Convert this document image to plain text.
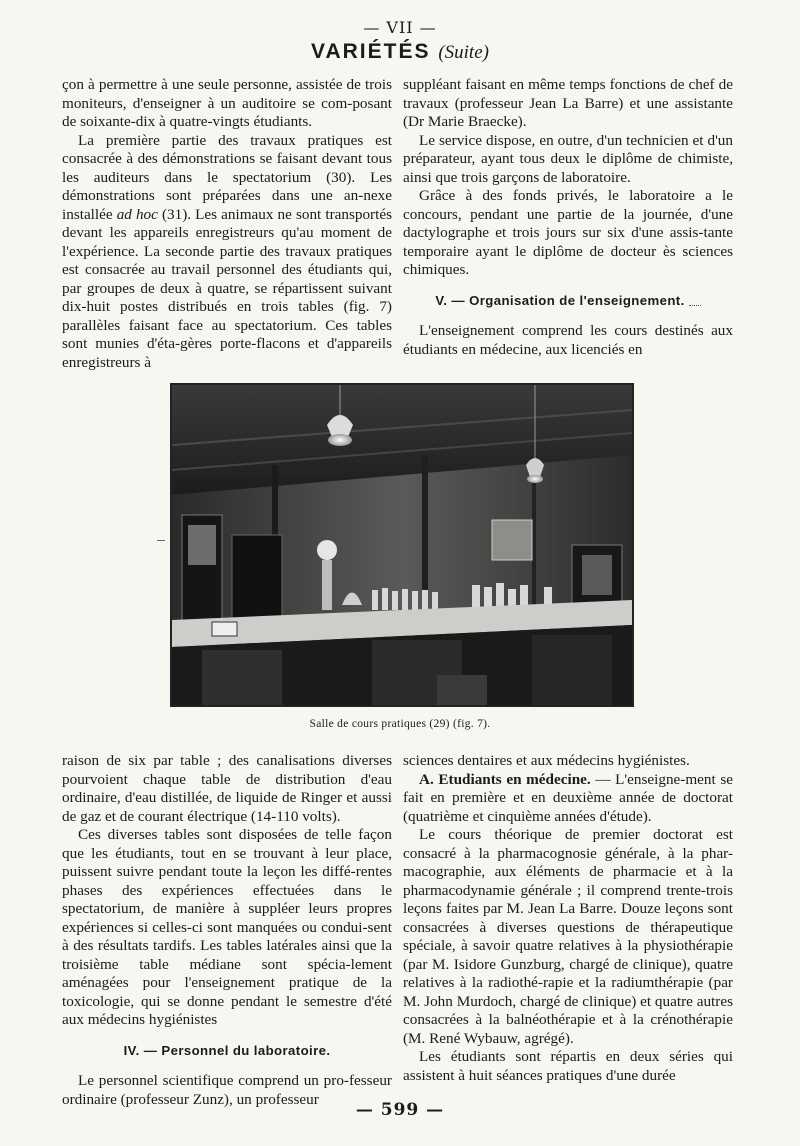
— VII —
VARIÉTÉS (Suite)

çon à permettre à une seule personne, assistée de trois moniteurs, d'enseigner à un auditoire se com-posant de soixante-dix à quatre-vingts étudiants.

La première partie des travaux pratiques est consacrée à des démonstrations se faisant devant tous les auditeurs dans le spectatorium (30). Les démonstrations sont préparées dans une an-nexe installée ad hoc (31). Les animaux ne sont transportés devant les appareils enregistreurs qu'au moment de l'expérience. La seconde partie des travaux pratiques est consacrée au travail personnel des étudiants qui, par groupes de deux à quatre, se répartissent suivant dix-huit postes distribués en trois tables (fig. 7) parallèles faisant face au spectatorium. Ces tables sont munies d'éta-gères porte-flacons et d'appareils enregistreurs à

suppléant faisant en même temps fonctions de chef de travaux (professeur Jean La Barre) et une assistante (Dr Marie Braecke).

Le service dispose, en outre, d'un technicien et d'un préparateur, ayant tous deux le diplôme de chimiste, ainsi que trois garçons de laboratoire.

Grâce à des fonds privés, le laboratoire a le concours, pendant une partie de la journée, d'une dactylographe et trois jours sur six d'une assis-tante temporaire ayant le diplôme de docteur ès sciences chimiques.

V. — Organisation de l'enseignement.

L'enseignement comprend les cours destinés aux étudiants en médecine, aux licenciés en

Salle de cours pratiques (29) (fig. 7).

raison de six par table ; des canalisations diverses pourvoient chaque table de distribution d'eau ordinaire, d'eau distillée, de liquide de Ringer et aussi de gaz et de courant électrique (14-110 volts).

Ces diverses tables sont disposées de telle façon que les étudiants, tout en se trouvant à leur place, puissent suivre pendant toute la leçon les diffé-rentes phases des expériences effectuées dans le spectatorium, de manière à suppléer leurs propres expériences si celles-ci sont manquées ou condui-sent à des résultats tardifs. Les tables latérales ainsi que la troisième table médiane sont spécia-lement aménagées pour l'enseignement pratique de la toxicologie, qui se donne pendant le semestre d'été aux médecins hygiénistes

IV. — Personnel du laboratoire.

Le personnel scientifique comprend un pro-fesseur ordinaire (professeur Zunz), un professeur

sciences dentaires et aux médecins hygiénistes.

A. Etudiants en médecine. — L'enseigne-ment se fait en première et en deuxième année de doctorat (quatrième et cinquième années d'étude).

Le cours théorique de premier doctorat est consacré à la pharmacognosie générale, à la phar-macographie, aux éléments de pharmacie et à la pharmacodynamie générale ; il comprend trente-trois leçons faites par M. Jean La Barre. Douze leçons sont consacrées à diverses questions de thérapeutique spéciale, à savoir quatre relatives à la physiothérapie (par M. Isidore Gunzburg, chargé de clinique), quatre relatives à la radiothé-rapie et la radiumthérapie (par M. John Murdoch, chargé de clinique) et quatre autres consacrées à la balnéothérapie et à la crénothérapie (M. René Wybauw, agrégé).

Les étudiants sont répartis en deux séries qui assistent à huit séances pratiques d'une durée

— 599 —
